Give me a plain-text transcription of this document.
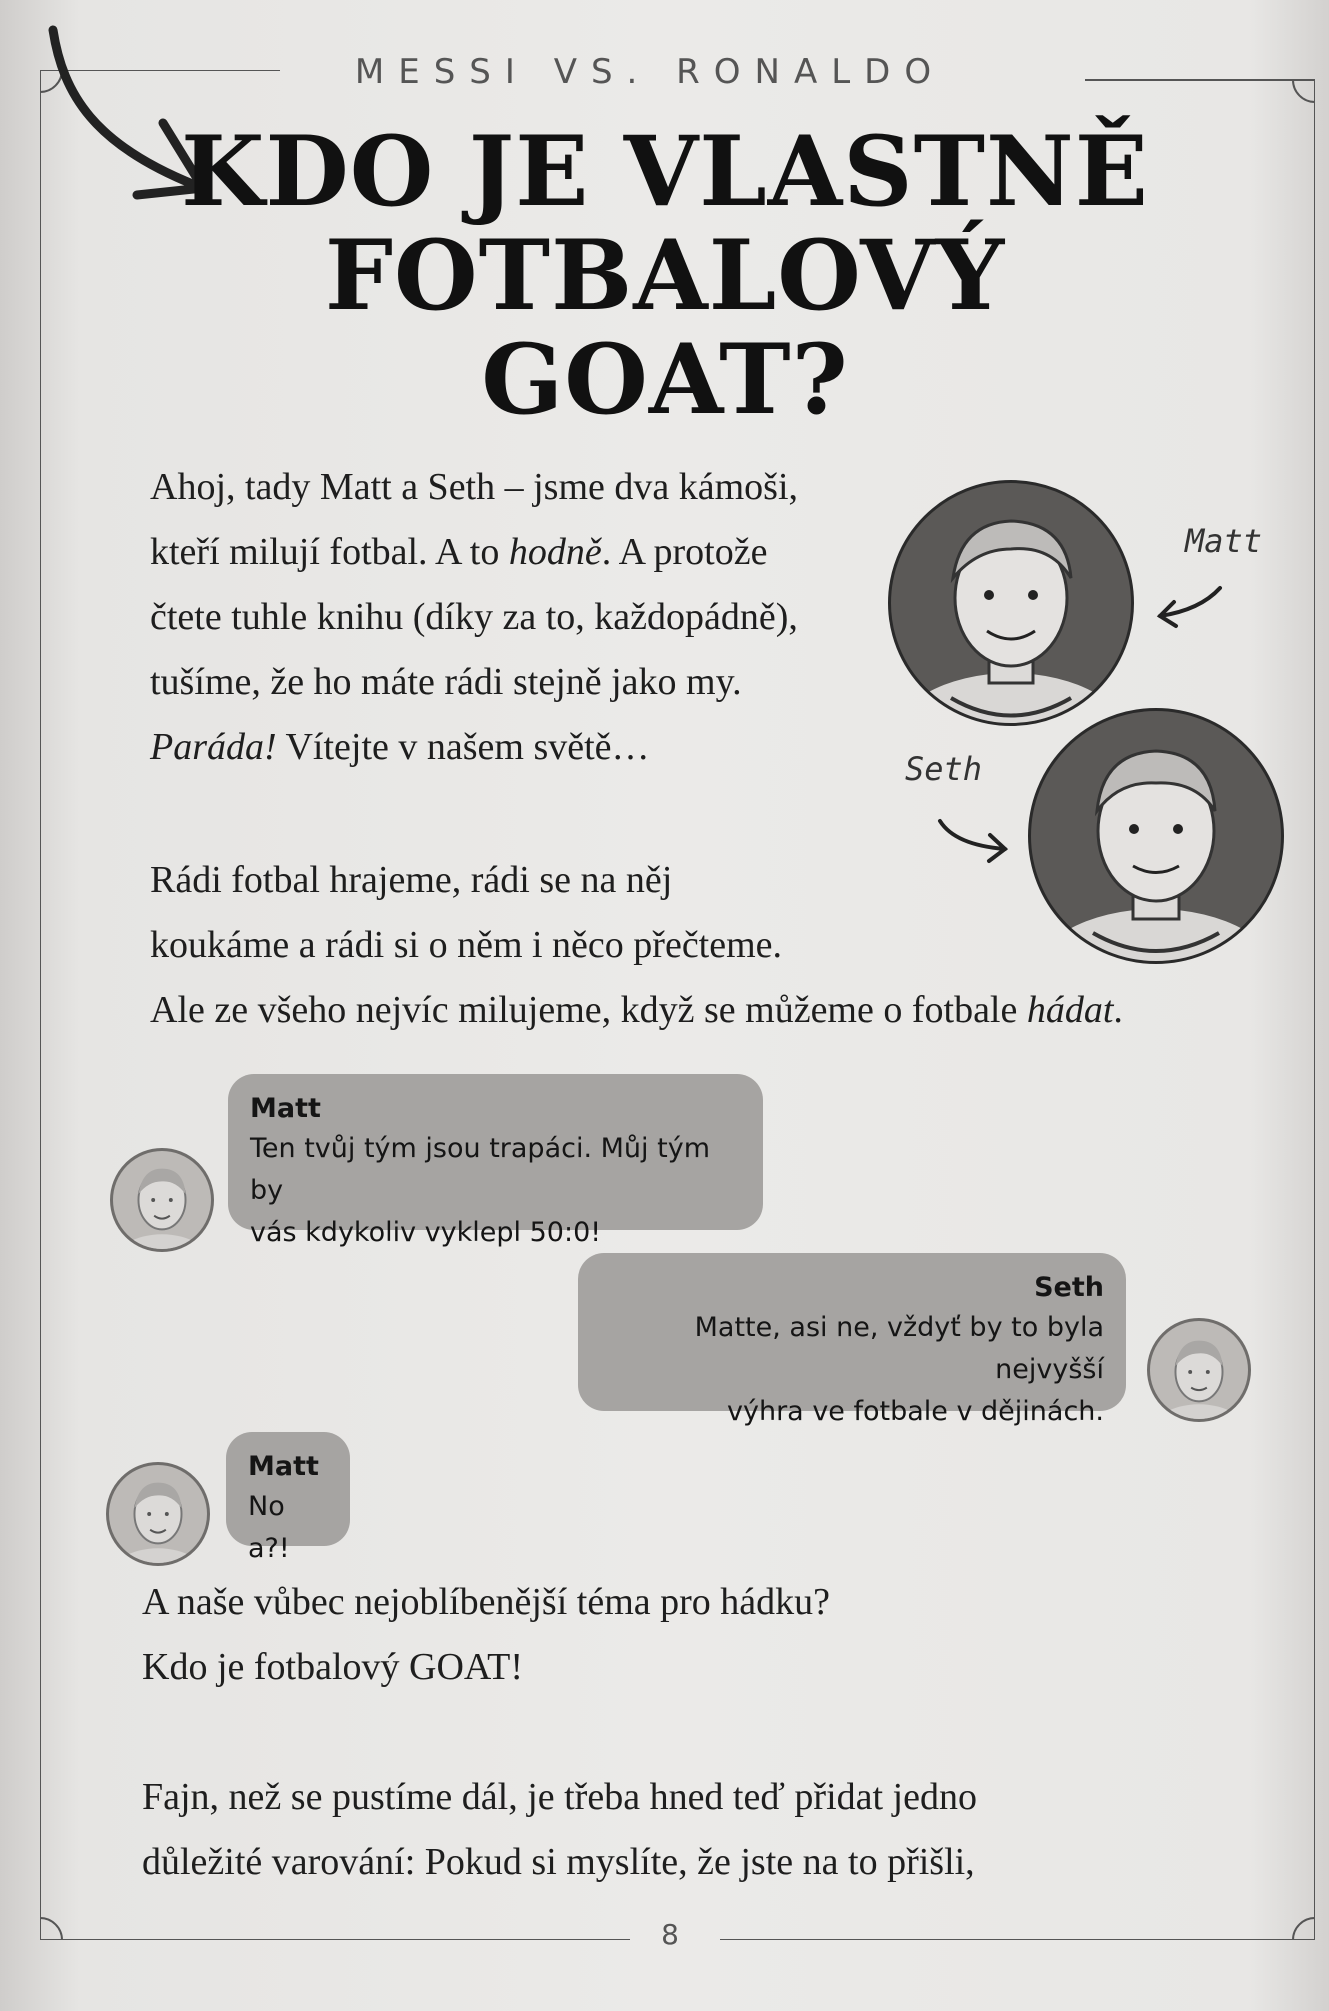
MESSI VS. RONALDO
KDO JE VLASTNĚ
FOTBALOVÝ
GOAT?
Ahoj, tady Matt a Seth – jsme dva kámoši,
kteří milují fotbal. A to hodně. A protože
čtete tuhle knihu (díky za to, každopádně),
tušíme, že ho máte rádi stejně jako my.
Paráda! Vítejte v našem světě…
Rádi fotbal hrajeme, rádi se na něj
koukáme a rádi si o něm i něco přečteme.
Ale ze všeho nejvíc milujeme, když se můžeme o fotbale hádat.
Matt
Seth
Matt
Ten tvůj tým jsou trapáci. Můj tým by
vás kdykoliv vyklepl 50:0!
Seth
Matte, asi ne, vždyť by to byla nejvyšší
výhra ve fotbale v dějinách.
Matt
No a?!
A naše vůbec nejoblíbenější téma pro hádku?
Kdo je fotbalový GOAT!
Fajn, než se pustíme dál, je třeba hned teď přidat jedno
důležité varování: Pokud si myslíte, že jste na to přišli,
8
